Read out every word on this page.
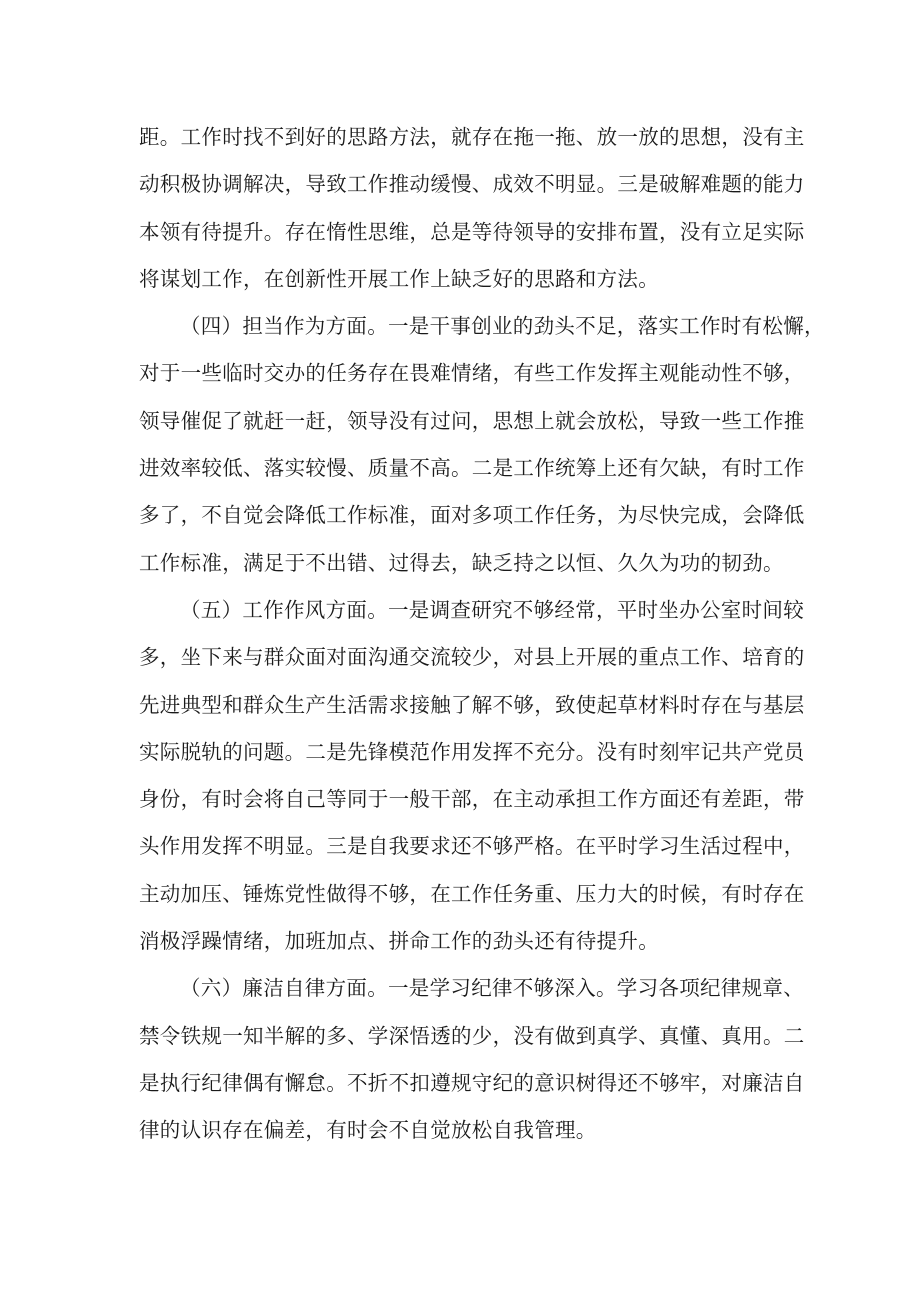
距。工作时找不到好的思路方法，就存在拖一拖、放一放的思想，没有主
动积极协调解决，导致工作推动缓慢、成效不明显。三是破解难题的能力
本领有待提升。存在惰性思维，总是等待领导的安排布置，没有立足实际
将谋划工作，在创新性开展工作上缺乏好的思路和方法。
（四）担当作为方面。一是干事创业的劲头不足，落实工作时有松懈，
对于一些临时交办的任务存在畏难情绪，有些工作发挥主观能动性不够，
领导催促了就赶一赶，领导没有过问，思想上就会放松，导致一些工作推
进效率较低、落实较慢、质量不高。二是工作统筹上还有欠缺，有时工作
多了，不自觉会降低工作标准，面对多项工作任务，为尽快完成，会降低
工作标准，满足于不出错、过得去，缺乏持之以恒、久久为功的韧劲。
（五）工作作风方面。一是调查研究不够经常，平时坐办公室时间较
多，坐下来与群众面对面沟通交流较少，对县上开展的重点工作、培育的
先进典型和群众生产生活需求接触了解不够，致使起草材料时存在与基层
实际脱轨的问题。二是先锋模范作用发挥不充分。没有时刻牢记共产党员
身份，有时会将自己等同于一般干部，在主动承担工作方面还有差距，带
头作用发挥不明显。三是自我要求还不够严格。在平时学习生活过程中，
主动加压、锤炼党性做得不够，在工作任务重、压力大的时候，有时存在
消极浮躁情绪，加班加点、拼命工作的劲头还有待提升。
（六）廉洁自律方面。一是学习纪律不够深入。学习各项纪律规章、
禁令铁规一知半解的多、学深悟透的少，没有做到真学、真懂、真用。二
是执行纪律偶有懈怠。不折不扣遵规守纪的意识树得还不够牢，对廉洁自
律的认识存在偏差，有时会不自觉放松自我管理。
